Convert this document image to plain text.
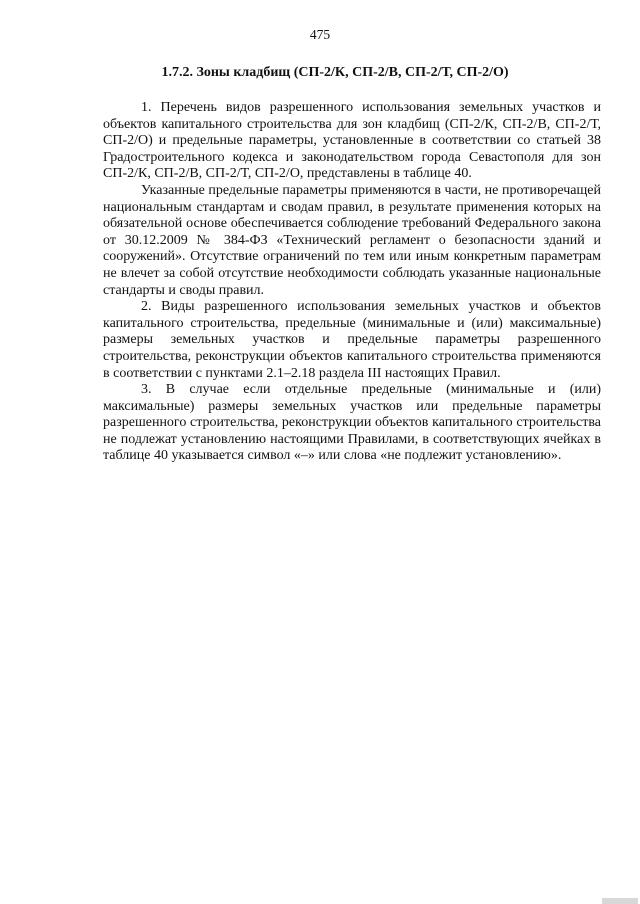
475
1.7.2. Зоны кладбищ (СП-2/К, СП-2/В, СП-2/Т, СП-2/О)

1. Перечень видов разрешенного использования земельных участков и объектов капитального строительства для зон кладбищ (СП-2/К, СП-2/В, СП-2/Т, СП-2/О) и предельные параметры, установленные в соответствии со статьей 38 Градостроительного кодекса и законодательством города Севастополя для зон СП-2/К, СП-2/В, СП-2/Т, СП-2/О, представлены в таблице 40.

Указанные предельные параметры применяются в части, не противоречащей национальным стандартам и сводам правил, в результате применения которых на обязательной основе обеспечивается соблюдение требований Федерального закона от 30.12.2009 № 384-ФЗ «Технический регламент о безопасности зданий и сооружений». Отсутствие ограничений по тем или иным конкретным параметрам не влечет за собой отсутствие необходимости соблюдать указанные национальные стандарты и своды правил.

2. Виды разрешенного использования земельных участков и объектов капитального строительства, предельные (минимальные и (или) максимальные) размеры земельных участков и предельные параметры разрешенного строительства, реконструкции объектов капитального строительства применяются в соответствии с пунктами 2.1–2.18 раздела III настоящих Правил.

3. В случае если отдельные предельные (минимальные и (или) максимальные) размеры земельных участков или предельные параметры разрешенного строительства, реконструкции объектов капитального строительства не подлежат установлению настоящими Правилами, в соответствующих ячейках в таблице 40 указывается символ «–» или слова «не подлежит установлению».
